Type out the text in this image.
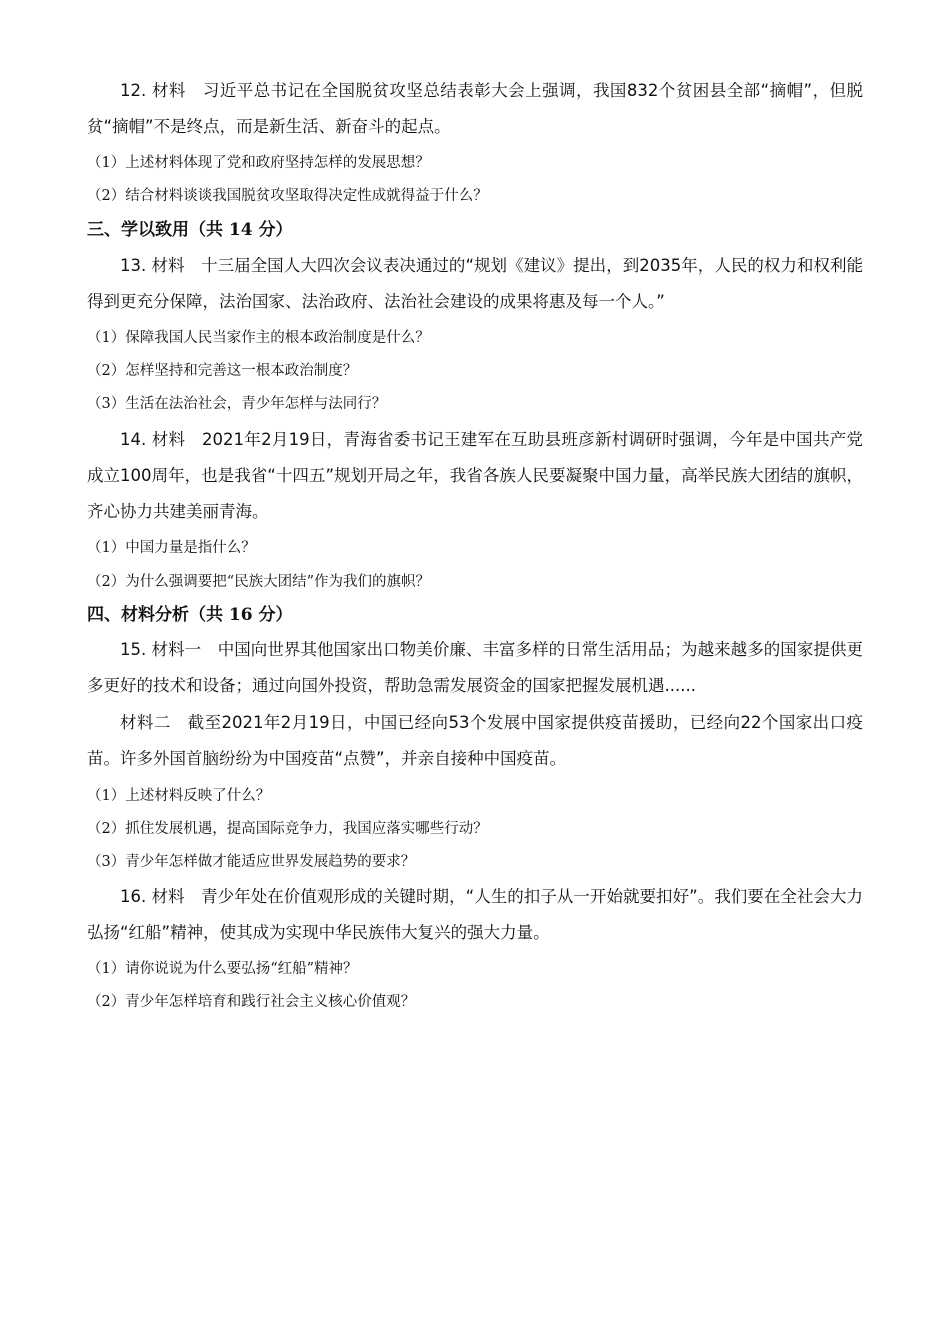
12. 材料　习近平总书记在全国脱贫攻坚总结表彰大会上强调，我国832个贫困县全部“摘帽”，但脱贫“摘帽”不是终点，而是新生活、新奋斗的起点。

（1）上述材料体现了党和政府坚持怎样的发展思想？

（2）结合材料谈谈我国脱贫攻坚取得决定性成就得益于什么？

三、学以致用（共 14 分）

13. 材料　十三届全国人大四次会议表决通过的“规划《建议》提出，到2035年，人民的权力和权利能得到更充分保障，法治国家、法治政府、法治社会建设的成果将惠及每一个人。”

（1）保障我国人民当家作主的根本政治制度是什么？

（2）怎样坚持和完善这一根本政治制度？

（3）生活在法治社会，青少年怎样与法同行？

14. 材料　2021年2月19日，青海省委书记王建军在互助县班彦新村调研时强调，今年是中国共产党成立100周年，也是我省“十四五”规划开局之年，我省各族人民要凝聚中国力量，高举民族大团结的旗帜，齐心协力共建美丽青海。

（1）中国力量是指什么？

（2）为什么强调要把“民族大团结”作为我们的旗帜？

四、材料分析（共 16 分）

15. 材料一　中国向世界其他国家出口物美价廉、丰富多样的日常生活用品；为越来越多的国家提供更多更好的技术和设备；通过向国外投资，帮助急需发展资金的国家把握发展机遇......

材料二　截至2021年2月19日，中国已经向53个发展中国家提供疫苗援助，已经向22个国家出口疫苗。许多外国首脑纷纷为中国疫苗“点赞”，并亲自接种中国疫苗。

（1）上述材料反映了什么？

（2）抓住发展机遇，提高国际竞争力，我国应落实哪些行动？

（3）青少年怎样做才能适应世界发展趋势的要求？

16. 材料　青少年处在价值观形成的关键时期，“人生的扣子从一开始就要扣好”。我们要在全社会大力弘扬“红船”精神，使其成为实现中华民族伟大复兴的强大力量。

（1）请你说说为什么要弘扬“红船”精神？

（2）青少年怎样培育和践行社会主义核心价值观？
